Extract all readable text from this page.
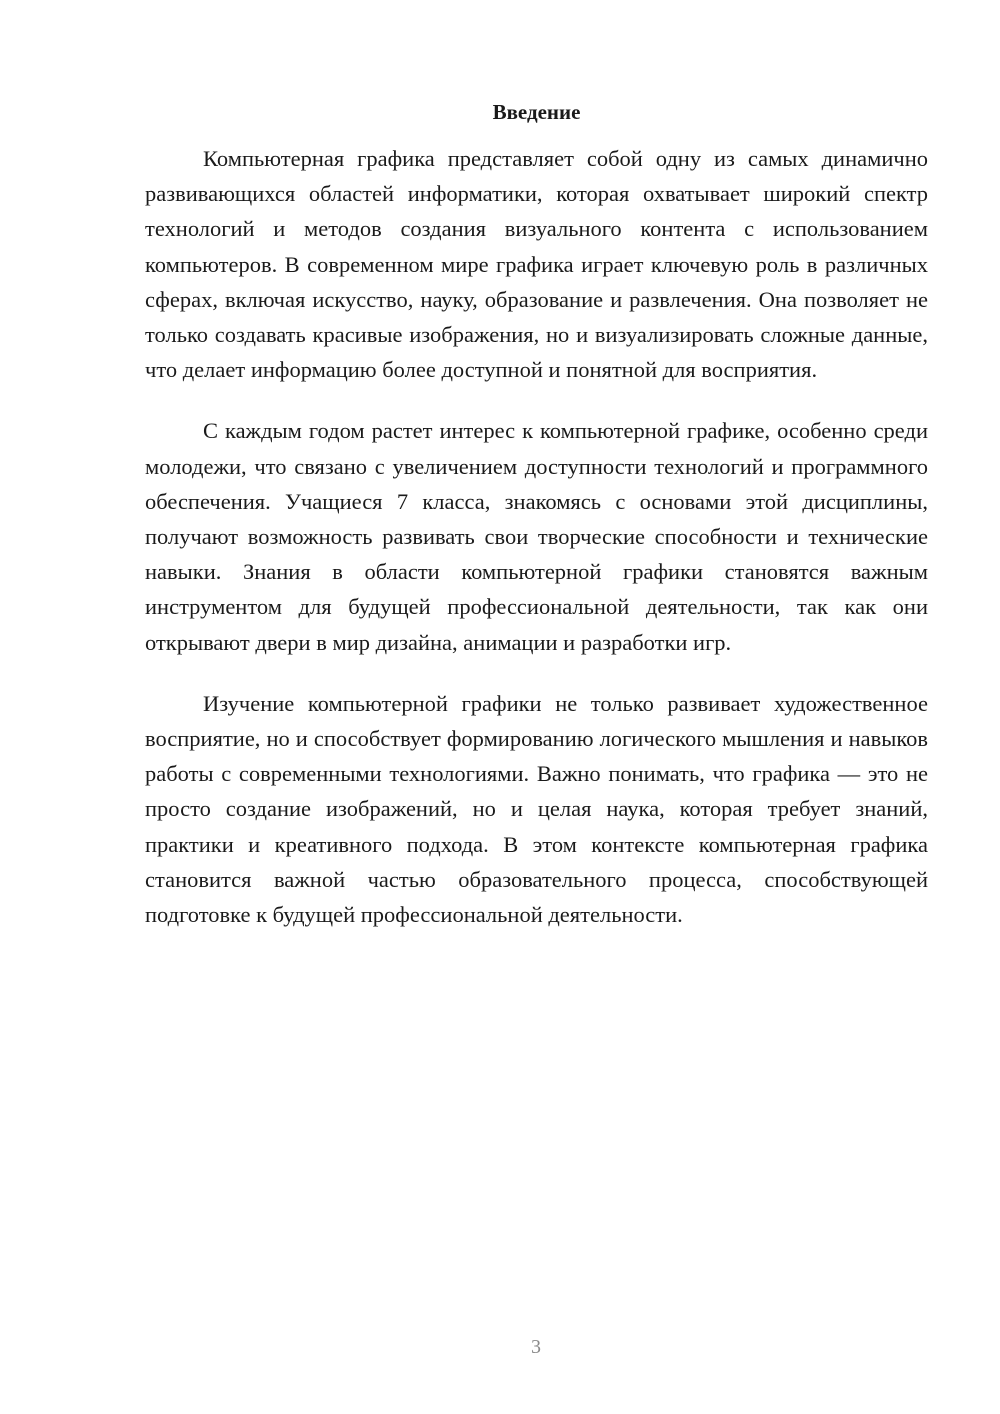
Введение

Компьютерная графика представляет собой одну из самых динамично развивающихся областей информатики, которая охватывает широкий спектр технологий и методов создания визуального контента с использованием компьютеров. В современном мире графика играет ключевую роль в различных сферах, включая искусство, науку, образование и развлечения. Она позволяет не только создавать красивые изображения, но и визуализировать сложные данные, что делает информацию более доступной и понятной для восприятия.

С каждым годом растет интерес к компьютерной графике, особенно среди молодежи, что связано с увеличением доступности технологий и программного обеспечения. Учащиеся 7 класса, знакомясь с основами этой дисциплины, получают возможность развивать свои творческие способности и технические навыки. Знания в области компьютерной графики становятся важным инструментом для будущей профессиональной деятельности, так как они открывают двери в мир дизайна, анимации и разработки игр.

Изучение компьютерной графики не только развивает художественное восприятие, но и способствует формированию логического мышления и навыков работы с современными технологиями. Важно понимать, что графика — это не просто создание изображений, но и целая наука, которая требует знаний, практики и креативного подхода. В этом контексте компьютерная графика становится важной частью образовательного процесса, способствующей подготовке к будущей профессиональной деятельности.

3
